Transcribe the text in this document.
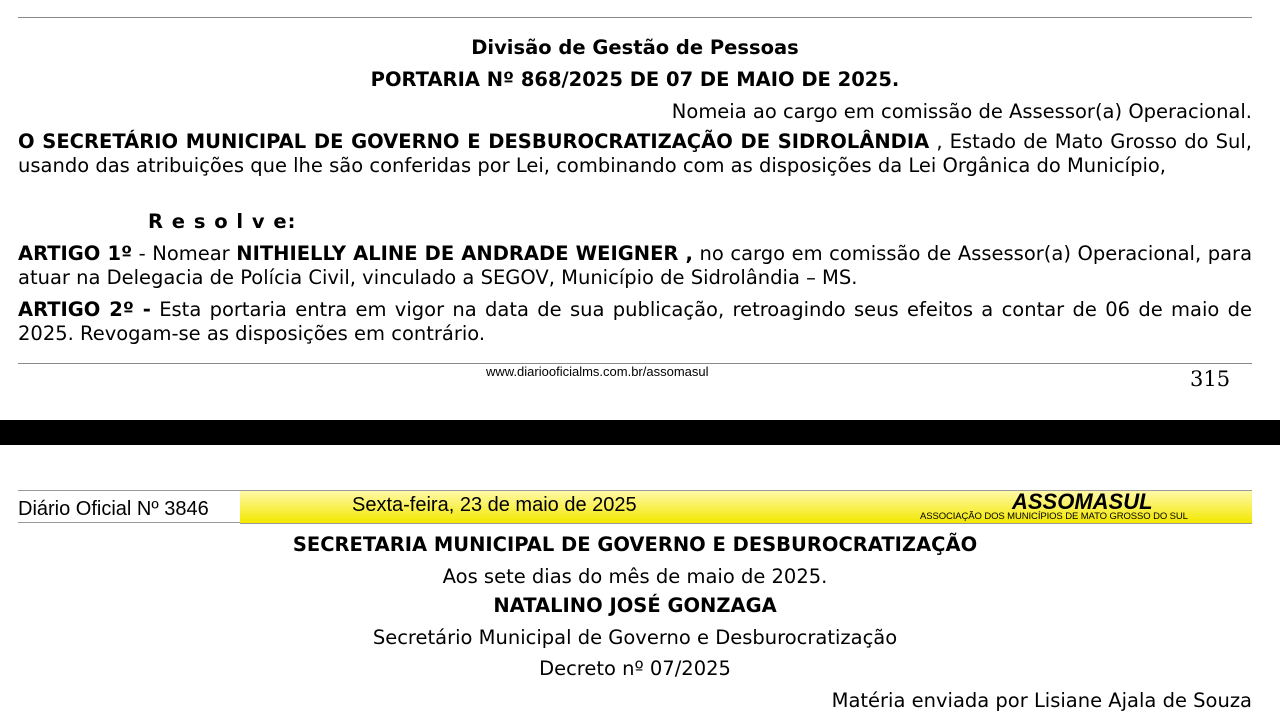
Divisão de Gestão de Pessoas
PORTARIA Nº 868/2025 DE 07 DE MAIO DE 2025.
Nomeia ao cargo em comissão de Assessor(a) Operacional.
O SECRETÁRIO MUNICIPAL DE GOVERNO E DESBUROCRATIZAÇÃO DE SIDROLÂNDIA , Estado de Mato Grosso do Sul, usando das atribuições que lhe são conferidas por Lei, combinando com as disposições da Lei Orgânica do Município,
R e s o l v e:
ARTIGO 1º - Nomear NITHIELLY ALINE DE ANDRADE WEIGNER , no cargo em comissão de Assessor(a) Operacional, para atuar na Delegacia de Polícia Civil, vinculado a SEGOV, Município de Sidrolândia – MS.
ARTIGO 2º - Esta portaria entra em vigor na data de sua publicação, retroagindo seus efeitos a contar de 06 de maio de 2025. Revogam-se as disposições em contrário.
www.diariooficialms.com.br/assomasul	315
Diário Oficial Nº 3846	Sexta-feira, 23 de maio de 2025	ASSOMASUL
ASSOCIAÇÃO DOS MUNICÍPIOS DE MATO GROSSO DO SUL
SECRETARIA MUNICIPAL DE GOVERNO E DESBUROCRATIZAÇÃO
Aos sete dias do mês de maio de 2025.
NATALINO JOSÉ GONZAGA
Secretário Municipal de Governo e Desburocratização
Decreto nº 07/2025
Matéria enviada por Lisiane Ajala de Souza
